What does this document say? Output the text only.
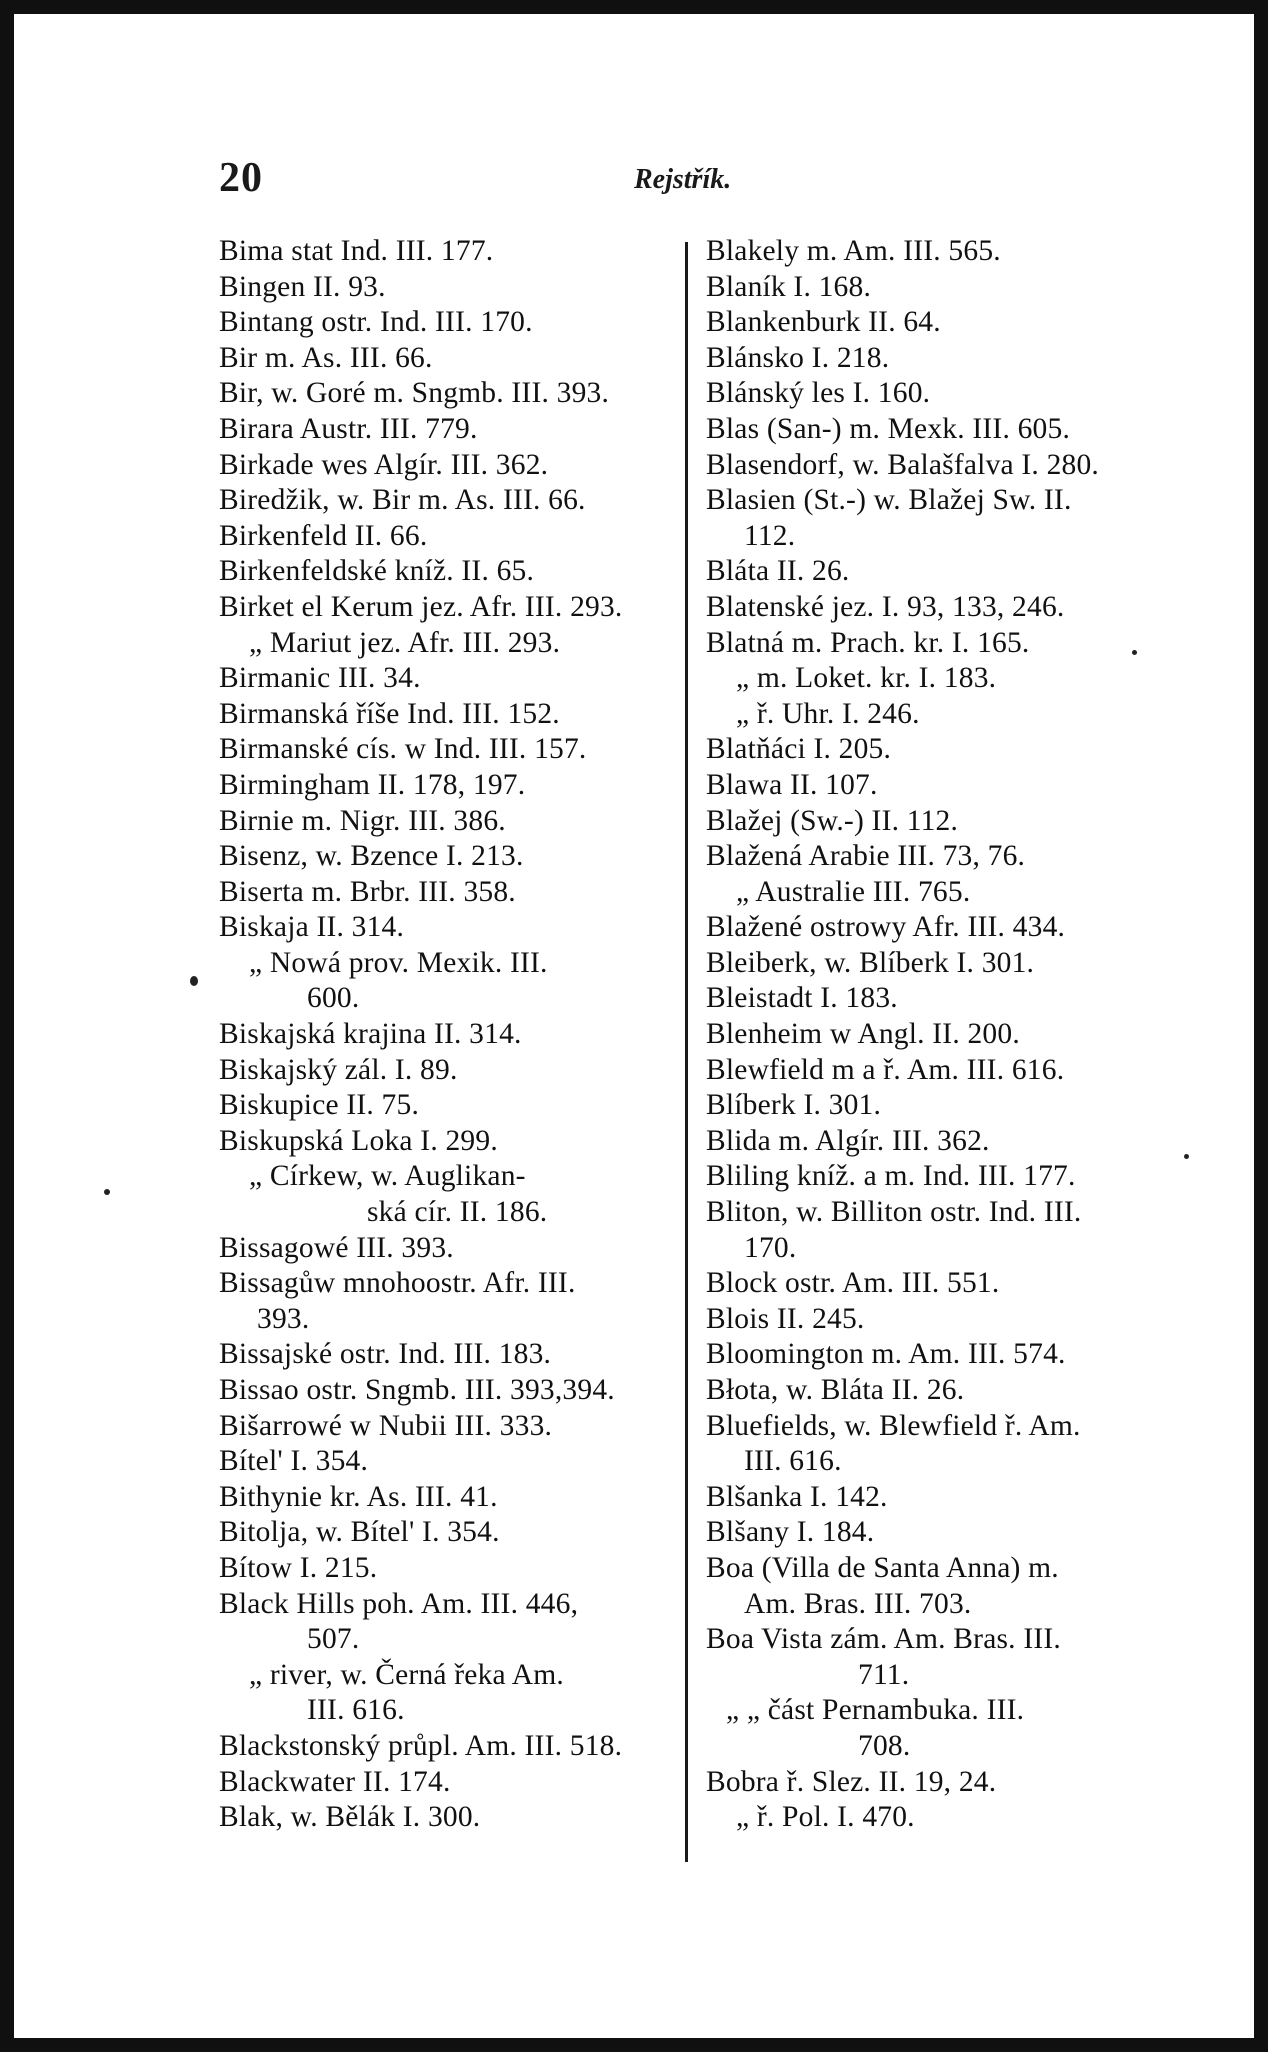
20	Rejstřík.
Bima stat Ind. III. 177.
Bingen II. 93.
Bintang ostr. Ind. III. 170.
Bir m. As. III. 66.
Bir, w. Goré m. Sngmb. III. 393.
Birara Austr. III. 779.
Birkade wes Algír. III. 362.
Biredžik, w. Bir m. As. III. 66.
Birkenfeld II. 66.
Birkenfeldské kníž. II. 65.
Birket el Kerum jez. Afr. III. 293.
„ Mariut jez. Afr. III. 293.
Birmanic III. 34.
Birmanská říše Ind. III. 152.
Birmanské cís. w Ind. III. 157.
Birmingham II. 178, 197.
Birnie m. Nigr. III. 386.
Bisenz, w. Bzence I. 213.
Biserta m. Brbr. III. 358.
Biskaja II. 314.
„ Nowá prov. Mexik. III.
600.
Biskajská krajina II. 314.
Biskajský zál. I. 89.
Biskupice II. 75.
Biskupská Loka I. 299.
„ Církew, w. Auglikan-
ská cír. II. 186.
Bissagowé III. 393.
Bissagůw mnohoostr. Afr. III.
393.
Bissajské ostr. Ind. III. 183.
Bissao ostr. Sngmb. III. 393,394.
Bišarrowé w Nubii III. 333.
Bítel' I. 354.
Bithynie kr. As. III. 41.
Bitolja, w. Bítel' I. 354.
Bítow I. 215.
Black Hills poh. Am. III. 446,
507.
„ river, w. Černá řeka Am.
III. 616.
Blackstonský průpl. Am. III. 518.
Blackwater II. 174.
Blak, w. Bělák I. 300.
Blakely m. Am. III. 565.
Blaník I. 168.
Blankenburk II. 64.
Blánsko I. 218.
Blánský les I. 160.
Blas (San-) m. Mexk. III. 605.
Blasendorf, w. Balašfalva I. 280.
Blasien (St.-) w. Blažej Sw. II.
112.
Bláta II. 26.
Blatenské jez. I. 93, 133, 246.
Blatná m. Prach. kr. I. 165.
„ m. Loket. kr. I. 183.
„ ř. Uhr. I. 246.
Blatňáci I. 205.
Blawa II. 107.
Blažej (Sw.-) II. 112.
Blažená Arabie III. 73, 76.
„ Australie III. 765.
Blažené ostrowy Afr. III. 434.
Bleiberk, w. Blíberk I. 301.
Bleistadt I. 183.
Blenheim w Angl. II. 200.
Blewfield m a ř. Am. III. 616.
Blíberk I. 301.
Blida m. Algír. III. 362.
Bliling kníž. a m. Ind. III. 177.
Bliton, w. Billiton ostr. Ind. III.
170.
Block ostr. Am. III. 551.
Blois II. 245.
Bloomington m. Am. III. 574.
Błota, w. Bláta II. 26.
Bluefields, w. Blewfield ř. Am.
III. 616.
Blšanka I. 142.
Blšany I. 184.
Boa (Villa de Santa Anna) m.
Am. Bras. III. 703.
Boa Vista zám. Am. Bras. III.
711.
„ „ část Pernambuka. III.
708.
Bobra ř. Slez. II. 19, 24.
„ ř. Pol. I. 470.
